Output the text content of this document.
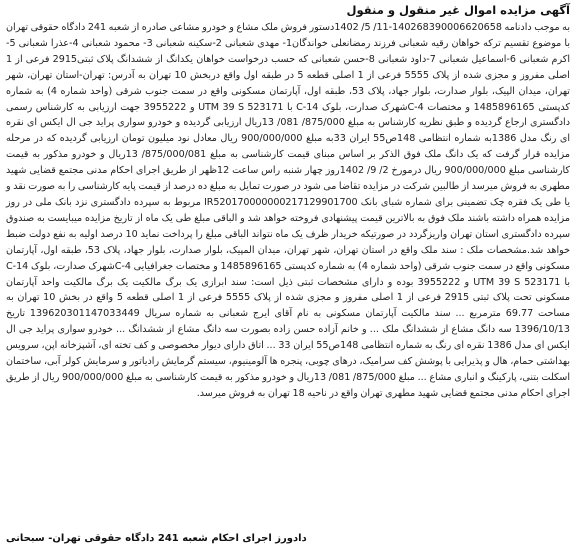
آگهی مزایده اموال غیر منقول و منقول

به موجب دادنامه 140268390006620658-11/ 5/ 1402دستور فروش ملک مشاع و خودرو مشاعی صادره از شعبه 241 دادگاه حقوقی تهران با موضوع تقسیم ترکه خواهان رقیه شعبانی فرزند رمضانعلی خواندگان1- مهدی شعبانی 2-سکینه شعبانی 3- محمود شعبانی 4-عذرا شعبانی 5-اکرم شعبانی 6-اسماعیل شعبانی 7-داود شعبانی 8-حسن شعبانی که حسب درخواست خواهان یکدانگ از ششدانگ پلاک ثبتی2915 فرعی از 1 اصلی مفروز و مجزی شده از پلاک 5555 فرعی از 1 اصلی قطعه 5 در طبقه اول واقع دربخش 10 تهران به آدرس: تهران-استان تهران، شهر تهران، میدان الپیک، بلوار صدارت، بلوار جهاد، پلاک 53، طبقه اول، آپارتمان مسکونی واقع در سمت جنوب شرقی (واحد شماره 4) به شماره کدپستی 1485896165 و مختصات 4-Cشهرک صدارت، بلوک 14-C با UTM 39 S 523171 و 3955222 جهت ارزیابی به کارشناس رسمی دادگستری ارجاع گردیده و طبق نظریه کارشناس به مبلغ 875/000/ 081/ 13ریال ارزیابی گردیده و خودرو سواری پراید جی ال ایکس ای نقره ای رنگ مدل 1386به شماره انتظامی 148ص55 ایران 33به مبلغ 900/000/000 ریال معادل نود میلیون تومان ارزیابی گردیده که در مرحله مزایده قرار گرفت که یک دانگ ملک فوق الذکر بر اساس مبنای قیمت کارشناسی به مبلغ 875/000/081/ 13ریال و خودرو مذکور به قیمت کارشناسی مبلغ 900/000/000 ریال درمورخ 2/ 9/ 1402روز چهار شنبه راس ساعت 12ظهر از طریق اجرای احکام مدنی مجتمع قضایی شهید مطهری به فروش میرسد از طالبین شرکت در مزایده تقاضا می شود در صورت تمایل به مبلغ ده درصد از قیمت پایه کارشناسی را به صورت نقد و یا طی یک فقره چک تضمینی برای شماره شبای بانک IR520170000000217129901700 مربوط به سپرده دادگستری نزد بانک ملی در روز مزایده همراه داشته باشند ملک فوق به بالاترین قیمت پیشنهادی فروخته خواهد شد و الباقی مبلغ طی یک ماه از تاریخ مزایده میبایست به صندوق سپرده دادگستری استان تهران واریزگردد در صورتیکه خریدار ظرف یک ماه نتواند الباقی مبلغ را پرداخت نماید 10 درصد اولیه به نفع دولت ضبط خواهد شد.مشخصات ملک : سند ملک واقع در استان تهران، شهر تهران، میدان المپیک، بلوار صدارت، بلوار جهاد، پلاک 53، طبقه اول، آپارتمان مسکونی واقع در سمت جنوب شرقی (واحد شماره 4) به شماره کدپستی 1485896165 و مختصات جغرافیایی 4-Cشهرک صدارت، بلوک 14-C با UTM 39 S 523171 و 3955222 بوده و دارای مشخصات ثبتی ذیل است: سند ابرازی یک برگ مالکیت یک برگ مالکیت واحد آپارتمان مسکونی تحت پلاک ثبتی 2915 فرعی از 1 اصلی مفروز و مجزی شده از پلاک 5555 فرعی از 1 اصلی قطعه 5 واقع در بخش 10 تهران به مساحت 69.77 مترمربع ... سند مالکیت آپارتمان مسکونی به نام آقای ایرج شعبانی به شماره سریال 139620301147033449 تاریخ 1396/10/13 سه دانگ مشاع از ششدانگ ملک ... و خانم آزاده حسن زاده بصورت سه دانگ مشاع از ششدانگ ... خودرو سواری پراید جی ال ایکس ای مدل 1386 نقره ای رنگ به شماره انتظامی 148ص55 ایران 33 ... اتاق دارای دیوار مخصوصی و کف تخته ای، آشپزخانه اپن، سرویس بهداشتی حمام، هال و پذیرایی با پوشش کف سرامیک، درهای چوبی، پنجره ها آلومینیوم، سیستم گرمایش رادیاتور و سرمایش کولر آبی، ساختمان اسکلت بتنی، پارکینگ و انباری مشاع ... مبلغ 875/000/ 081/ 13ریال و خودرو مذکور به قیمت کارشناسی به مبلغ 900/000/000 ریال از طریق اجرای احکام مدنی مجتمع قضایی شهید مطهری تهران واقع در ناحیه 18 تهران به فروش میرسد.

دادورز اجرای احکام شعبه 241 دادگاه حقوقی تهران- سبحانی
